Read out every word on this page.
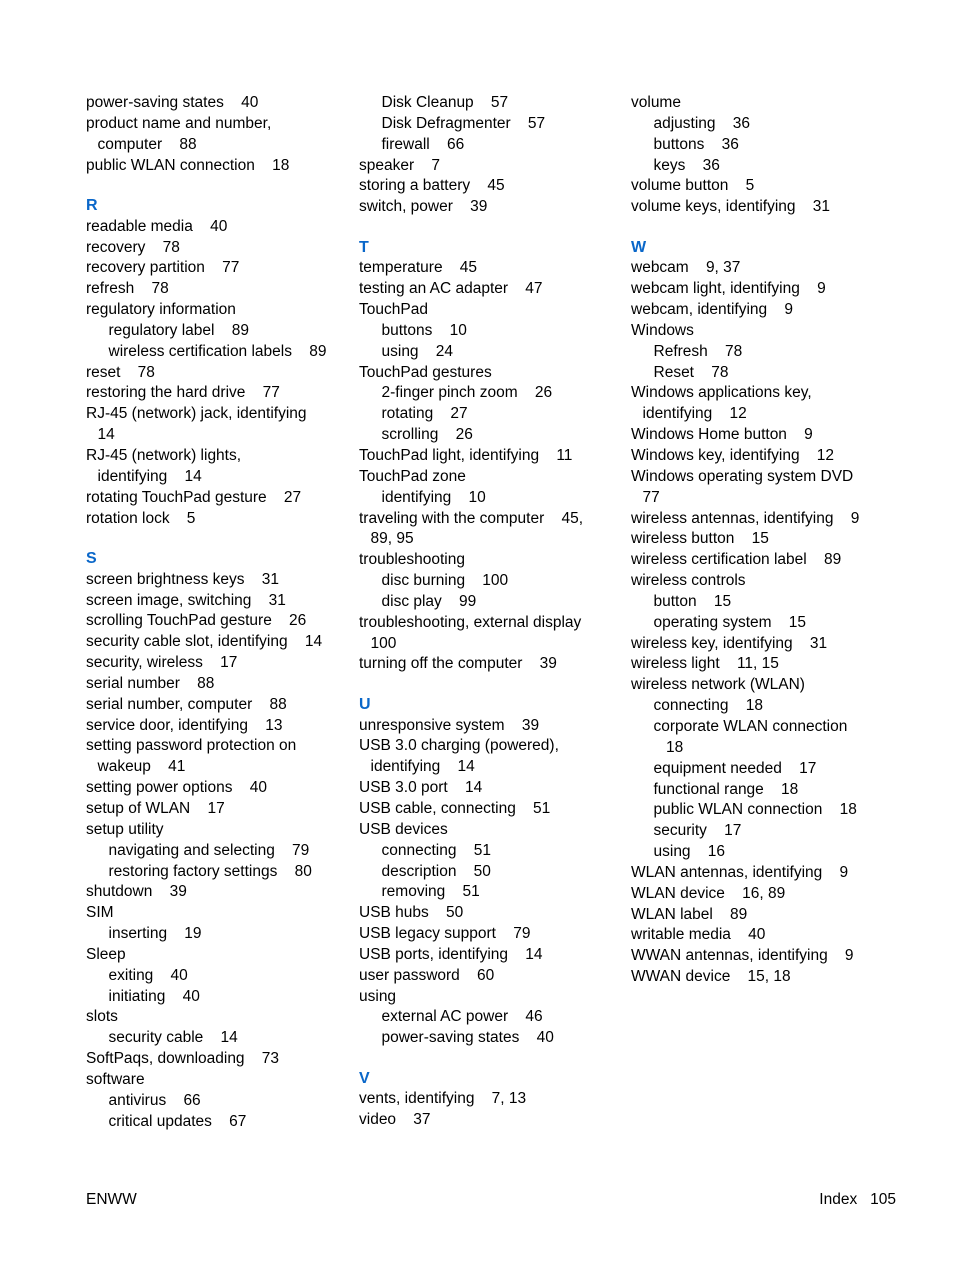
power-saving states    40
product name and number,
computer    88
public WLAN connection    18
R
readable media    40
recovery    78
recovery partition    77
refresh    78
regulatory information
regulatory label    89
wireless certification labels    89
reset    78
restoring the hard drive    77
RJ-45 (network) jack, identifying
14
RJ-45 (network) lights,
identifying    14
rotating TouchPad gesture    27
rotation lock    5
S
screen brightness keys    31
screen image, switching    31
scrolling TouchPad gesture    26
security cable slot, identifying    14
security, wireless    17
serial number    88
serial number, computer    88
service door, identifying    13
setting password protection on
wakeup    41
setting power options    40
setup of WLAN    17
setup utility
navigating and selecting    79
restoring factory settings    80
shutdown    39
SIM
inserting    19
Sleep
exiting    40
initiating    40
slots
security cable    14
SoftPaqs, downloading    73
software
antivirus    66
critical updates    67
Disk Cleanup    57
Disk Defragmenter    57
firewall    66
speaker    7
storing a battery    45
switch, power    39
T
temperature    45
testing an AC adapter    47
TouchPad
buttons    10
using    24
TouchPad gestures
2-finger pinch zoom    26
rotating    27
scrolling    26
TouchPad light, identifying    11
TouchPad zone
identifying    10
traveling with the computer    45,
89, 95
troubleshooting
disc burning    100
disc play    99
troubleshooting, external display
100
turning off the computer    39
U
unresponsive system    39
USB 3.0 charging (powered),
identifying    14
USB 3.0 port    14
USB cable, connecting    51
USB devices
connecting    51
description    50
removing    51
USB hubs    50
USB legacy support    79
USB ports, identifying    14
user password    60
using
external AC power    46
power-saving states    40
V
vents, identifying    7, 13
video    37
volume
adjusting    36
buttons    36
keys    36
volume button    5
volume keys, identifying    31
W
webcam    9, 37
webcam light, identifying    9
webcam, identifying    9
Windows
Refresh    78
Reset    78
Windows applications key,
identifying    12
Windows Home button    9
Windows key, identifying    12
Windows operating system DVD
77
wireless antennas, identifying    9
wireless button    15
wireless certification label    89
wireless controls
button    15
operating system    15
wireless key, identifying    31
wireless light    11, 15
wireless network (WLAN)
connecting    18
corporate WLAN connection
18
equipment needed    17
functional range    18
public WLAN connection    18
security    17
using    16
WLAN antennas, identifying    9
WLAN device    16, 89
WLAN label    89
writable media    40
WWAN antennas, identifying    9
WWAN device    15, 18
ENWW	Index   105
